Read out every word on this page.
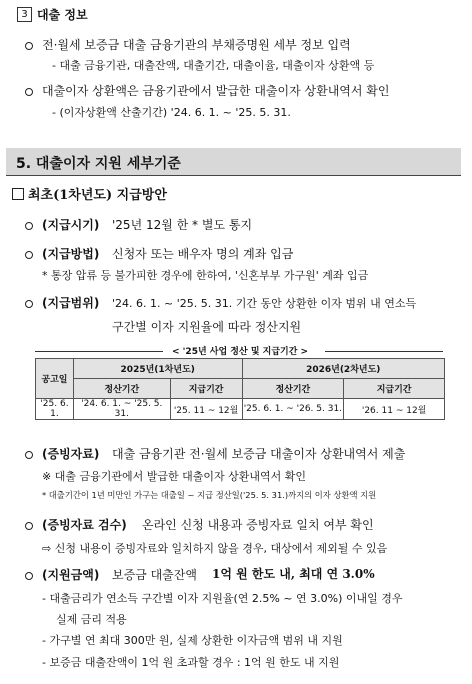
3 대출 정보
전·월세 보증금 대출 금융기관의 부채증명원 세부 정보 입력
- 대출 금융기관, 대출잔액, 대출기간, 대출이율, 대출이자 상환액 등
대출이자 상환액은 금융기관에서 발급한 대출이자 상환내역서 확인
- (이자상환액 산출기간) '24. 6. 1. ~ '25. 5. 31.
5. 대출이자 지원 세부기준
최초(1차년도) 지급방안
(지급시기) '25년 12월 한 * 별도 통지
(지급방법) 신청자 또는 배우자 명의 계좌 입금
* 통장 압류 등 불가피한 경우에 한하여, '신혼부부 가구원' 계좌 입금
(지급범위) '24. 6. 1. ~ '25. 5. 31. 기간 동안 상환한 이자 범위 내 연소득
구간별 이자 지원율에 따라 정산지원
< '25년 사업 정산 및 지급기간 >
공고일	2025년(1차년도)		2026년(2차년도)	
	정산기간	지급기간	정산기간	지급기간
'25. 6. 1.	'24. 6. 1. ~ '25. 5. 31.	'25. 11 ~ 12월	'25. 6. 1. ~ '26. 5. 31.	'26. 11 ~ 12월
(증빙자료) 대출 금융기관 전·월세 보증금 대출이자 상환내역서 제출
※ 대출 금융기관에서 발급한 대출이자 상환내역서 확인
* 대출기간이 1년 미만인 가구는 대출일 ~ 지급 정산일('25. 5. 31.)까지의 이자 상환액 지원
(증빙자료 검수) 온라인 신청 내용과 증빙자료 일치 여부 확인
⇨ 신청 내용이 증빙자료와 일치하지 않을 경우, 대상에서 제외될 수 있음
(지원금액) 보증금 대출잔액 1억 원 한도 내, 최대 연 3.0%
- 대출금리가 연소득 구간별 이자 지원율(연 2.5% ~ 연 3.0%) 이내일 경우
실제 금리 적용
- 가구별 연 최대 300만 원, 실제 상환한 이자금액 범위 내 지원
- 보증금 대출잔액이 1억 원 초과할 경우 : 1억 원 한도 내 지원
